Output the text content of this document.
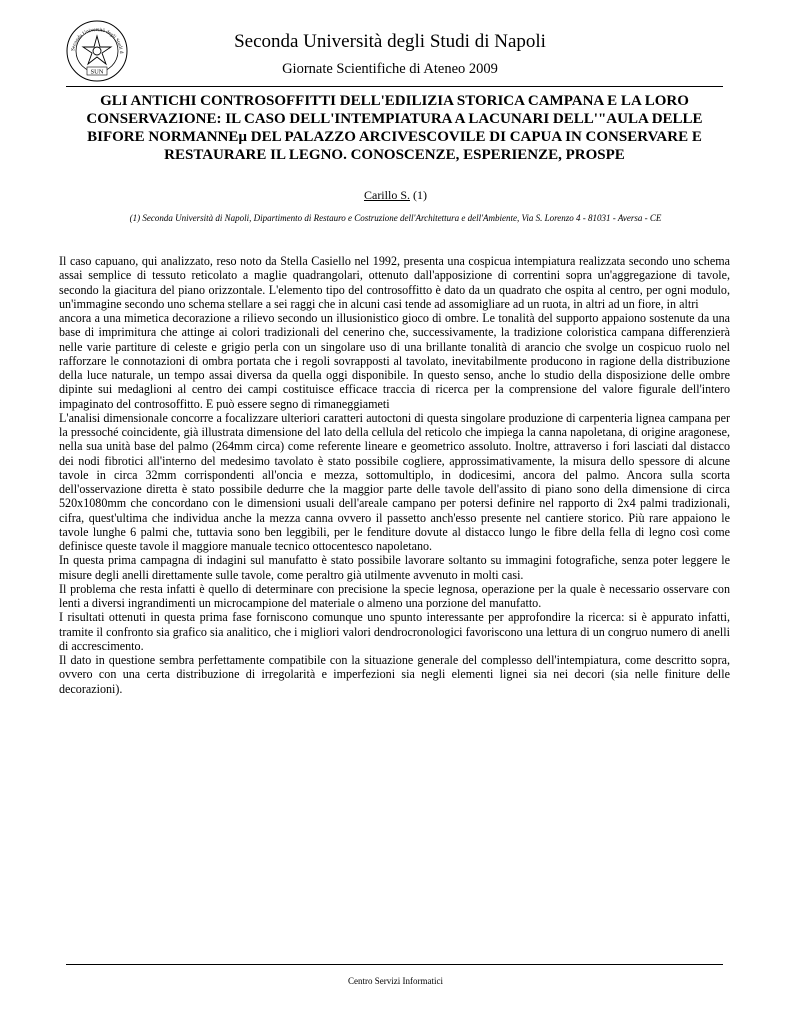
Seconda Università degli Studi d
SUN
Seconda Università degli Studi di Napoli
Giornate Scientifiche di Ateneo 2009
GLI ANTICHI CONTROSOFFITTI DELL'EDILIZIA STORICA CAMPANA E LA LORO CONSERVAZIONE: IL CASO DELL'INTEMPIATURA A LACUNARI DELL'"AULA DELLE BIFORE NORMANNEµ DEL PALAZZO ARCIVESCOVILE DI CAPUA IN CONSERVARE E RESTAURARE IL LEGNO. CONOSCENZE, ESPERIENZE, PROSPE
Carillo S. (1)
(1) Seconda Università di Napoli, Dipartimento di Restauro e Costruzione dell'Architettura e dell'Ambiente, Via S. Lorenzo 4 - 81031 - Aversa - CE

Il caso capuano, qui analizzato, reso noto da Stella Casiello nel 1992, presenta una cospicua intempiatura realizzata secondo uno schema assai semplice di tessuto reticolato a maglie quadrangolari, ottenuto dall'apposizione di correntini sopra un'aggregazione di tavole, secondo la giacitura del piano orizzontale. L'elemento tipo del controsoffitto è dato da un quadrato che ospita al centro, per ogni modulo, un'immagine secondo uno schema stellare a sei raggi che in alcuni casi tende ad assomigliare ad un ruota, in altri ad un fiore, in altri

ancora a una mimetica decorazione a rilievo secondo un illusionistico gioco di ombre. Le tonalità del supporto appaiono sostenute da una base di imprimitura che attinge ai colori tradizionali del cenerino che, successivamente, la tradizione coloristica campana differenzierà nelle varie partiture di celeste e grigio perla con un singolare uso di una brillante tonalità di arancio che svolge un cospicuo ruolo nel rafforzare le connotazioni di ombra portata che i regoli sovrapposti al tavolato, inevitabilmente producono in ragione della distribuzione della luce naturale, un tempo assai diversa da quella oggi disponibile. In questo senso, anche lo studio della disposizione delle ombre dipinte sui medaglioni al centro dei campi costituisce efficace traccia di ricerca per la comprensione del valore figurale dell'intero impaginato del controsoffitto. E può essere segno di rimaneggiameti

L'analisi dimensionale concorre a focalizzare ulteriori caratteri autoctoni di questa singolare produzione di carpenteria lignea campana per la pressoché coincidente, già illustrata dimensione del lato della cellula del reticolo che impiega la canna napoletana, di origine aragonese, nella sua unità base del palmo (264mm circa) come referente lineare e geometrico assoluto. Inoltre, attraverso i fori lasciati dal distacco dei nodi fibrotici all'interno del medesimo tavolato è stato possibile cogliere, approssimativamente, la misura dello spessore di alcune tavole in circa 32mm corrispondenti all'oncia e mezza, sottomultiplo, in dodicesimi, ancora del palmo. Ancora sulla scorta dell'osservazione diretta è stato possibile dedurre che la maggior parte delle tavole dell'assito di piano sono della dimensione di circa 520x1080mm che concordano con le dimensioni usuali dell'areale campano per potersi definire nel rapporto di 2x4 palmi tradizionali, cifra, quest'ultima che individua anche la mezza canna ovvero il passetto anch'esso presente nel cantiere storico. Più rare appaiono le tavole lunghe 6 palmi che, tuttavia sono ben leggibili, per le fenditure dovute al distacco lungo le fibre della fella di legno così come definisce queste tavole il maggiore manuale tecnico ottocentesco napoletano.

In questa prima campagna di indagini sul manufatto è stato possibile lavorare soltanto su immagini fotografiche, senza poter leggere le misure degli anelli direttamente sulle tavole, come peraltro già utilmente avvenuto in molti casi.

Il problema che resta infatti è quello di determinare con precisione la specie legnosa, operazione per la quale è necessario osservare con lenti a diversi ingrandimenti un microcampione del materiale o almeno una porzione del manufatto.

I risultati ottenuti in questa prima fase forniscono comunque uno spunto interessante per approfondire la ricerca: si è appurato infatti, tramite il confronto sia grafico sia analitico, che i migliori valori dendrocronologici favoriscono una lettura di un congruo numero di anelli di accrescimento.

Il dato in questione sembra perfettamente compatibile con la situazione generale del complesso dell'intempiatura, come descritto sopra, ovvero con una certa distribuzione di irregolarità e imperfezioni sia negli elementi lignei sia nei decori (sia nelle finiture delle decorazioni).

Centro Servizi Informatici
